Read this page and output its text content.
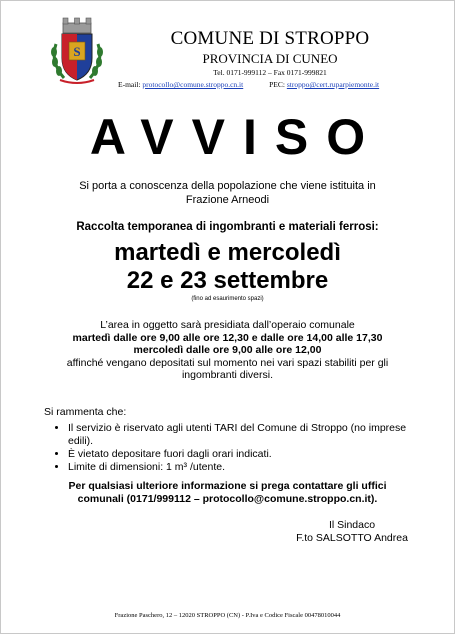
S
COMUNE DI STROPPO
PROVINCIA DI CUNEO
Tel. 0171-999112 – Fax 0171-999821
E-mail: protocollo@comune.stroppo.cn.it	PEC: stroppo@cert.ruparpiemonte.it
AVVISO
Si porta a conoscenza della popolazione che viene istituita in
Frazione Arneodi
Raccolta temporanea di ingombranti e materiali ferrosi:
martedì e mercoledì
22 e 23 settembre
(fino ad esaurimento spazi)
L’area in oggetto sarà presidiata dall’operaio comunale
martedì dalle ore 9,00 alle ore 12,30 e dalle ore 14,00 alle 17,30
mercoledì dalle ore 9,00 alle ore 12,00
affinché vengano depositati sul momento nei vari spazi stabiliti per gli
ingombranti diversi.
Si rammenta che:
• Il servizio è riservato agli utenti TARI del Comune di Stroppo (no imprese edili).
• È vietato depositare fuori dagli orari indicati.
• Limite di dimensioni: 1 m³ /utente.
Per qualsiasi ulteriore informazione si prega contattare gli uffici
comunali (0171/999112 – protocollo@comune.stroppo.cn.it).
Il Sindaco
F.to SALSOTTO Andrea
Frazione Paschero, 12 – 12020 STROPPO (CN) - P.Iva e Codice Fiscale 00478010044
